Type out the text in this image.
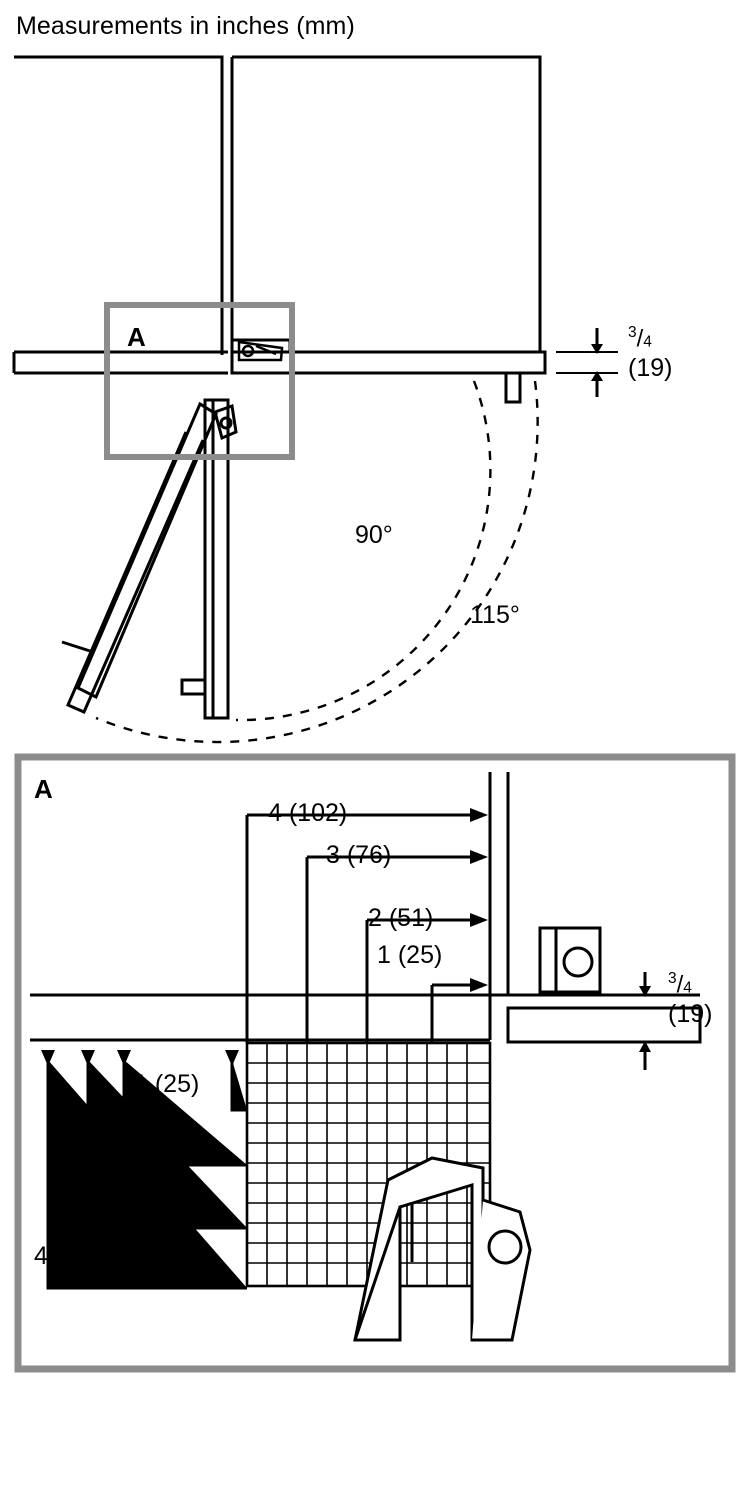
Measurements in inches (mm)
A
90°
115°
$^3$/4
(19)
A
4 (102)
3 (76)
2 (51)
1 (25)
1 (25)
2 (51)
3 (76)
4 (102)
$^3$/4
(19)
